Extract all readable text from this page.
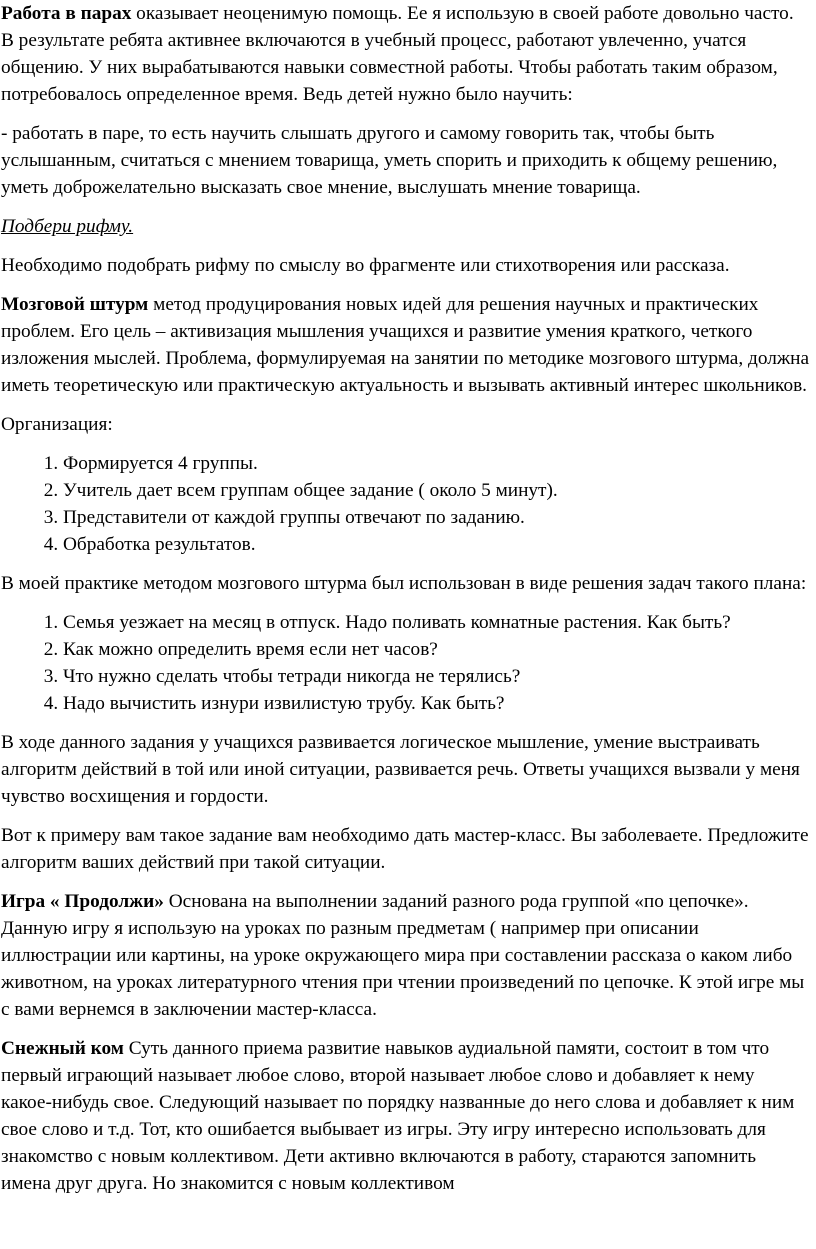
Работа в парах оказывает неоценимую помощь. Ее я использую в своей работе довольно часто. В результате ребята активнее включаются в учебный процесс, работают увлеченно, учатся общению. У них вырабатываются навыки совместной работы. Чтобы работать таким образом, потребовалось определенное время. Ведь детей нужно было научить:

- работать в паре, то есть научить слышать другого и самому говорить так, чтобы быть услышанным, считаться с мнением товарища, уметь спорить и приходить к общему решению, уметь доброжелательно высказать свое мнение, выслушать мнение товарища.

Подбери рифму.

Необходимо подобрать рифму по смыслу во фрагменте или стихотворения или рассказа.

Мозговой штурм метод продуцирования новых идей для решения научных и практических проблем. Его цель – активизация мышления учащихся и развитие умения краткого, четкого изложения мыслей. Проблема, формулируемая на занятии по методике мозгового штурма, должна иметь теоретическую или практическую актуальность и вызывать активный интерес школьников.

Организация:

1. Формируется 4 группы.
2. Учитель дает всем группам общее задание ( около 5 минут).
3. Представители от каждой группы отвечают по заданию.
4. Обработка результатов.

В моей практике методом мозгового штурма был использован в виде решения задач такого плана:

1. Семья уезжает на месяц в отпуск. Надо поливать комнатные растения. Как быть?
2. Как можно определить время если нет часов?
3. Что нужно сделать чтобы тетради никогда не терялись?
4. Надо вычистить изнури извилистую трубу. Как быть?

В ходе данного задания у учащихся развивается логическое мышление, умение выстраивать алгоритм действий в той или иной ситуации, развивается речь. Ответы учащихся вызвали у меня чувство восхищения и гордости.

Вот к примеру вам такое задание вам необходимо дать мастер-класс. Вы заболеваете. Предложите алгоритм ваших действий при такой ситуации.

Игра « Продолжи» Основана на выполнении заданий разного рода группой «по цепочке». Данную игру я использую на уроках по разным предметам ( например при описании иллюстрации или картины, на уроке окружающего мира при составлении рассказа о каком либо животном, на уроках литературного чтения при чтении произведений по цепочке. К этой игре мы с вами вернемся в заключении мастер-класса.

Снежный ком Суть данного приема развитие навыков аудиальной памяти, состоит в том что первый играющий называет любое слово, второй называет любое слово и добавляет к нему какое-нибудь свое. Следующий называет по порядку названные до него слова и добавляет к ним свое слово и т.д. Тот, кто ошибается выбывает из игры. Эту игру интересно использовать для знакомство с новым коллективом. Дети активно включаются в работу, стараются запомнить имена друг друга. Но знакомится с новым коллективом
